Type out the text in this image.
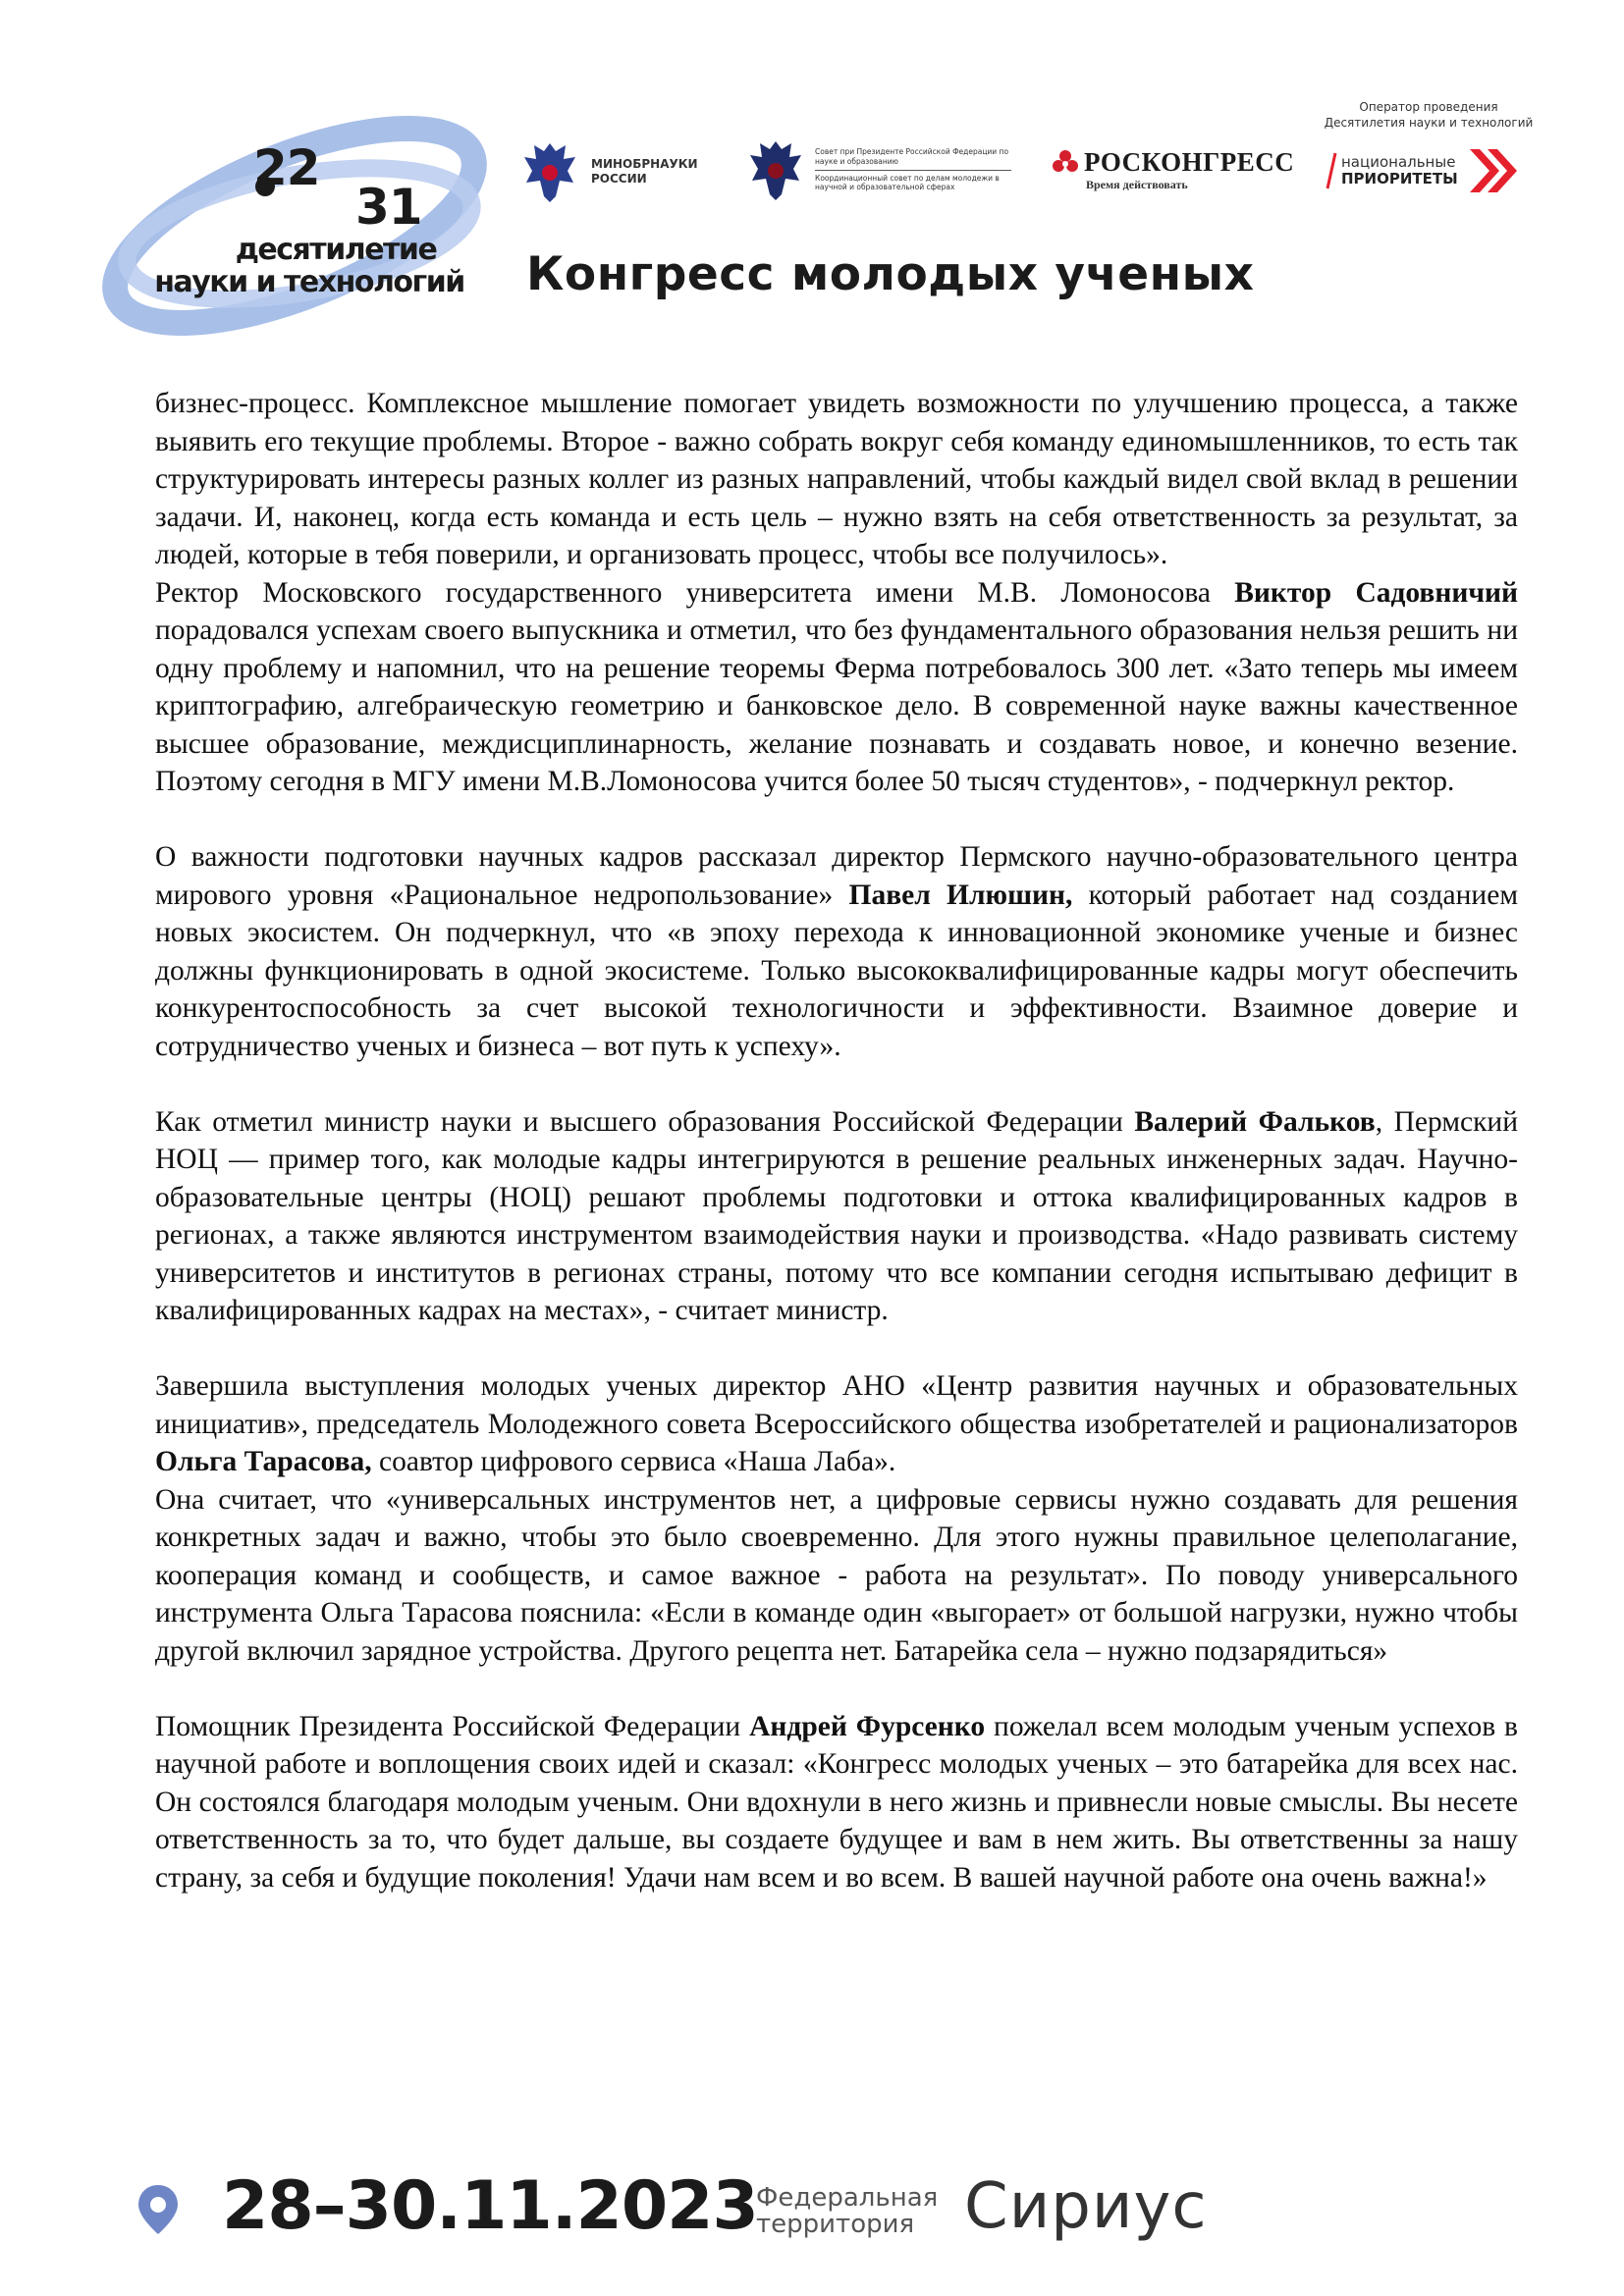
22
31
десятилетие
науки и технологий
МИНОБРНАУКИ
РОССИИ
Совет при Президенте Российской Федерации по науке и образованию
Координационный совет по делам молодежи в научной и образовательной сферах
РОСКОНГРЕСС
Время действовать
Оператор проведения
Десятилетия науки и технологий
национальные
ПРИОРИТЕТЫ
Конгресс молодых ученых

бизнес-процесс. Комплексное мышление помогает увидеть возможности по улучшению процесса, а также выявить его текущие проблемы. Второе - важно собрать вокруг себя команду единомышленников, то есть так структурировать интересы разных коллег из разных направлений, чтобы каждый видел свой вклад в решении задачи. И, наконец, когда есть команда и есть цель – нужно взять на себя ответственность за результат, за людей, которые в тебя поверили, и организовать процесс, чтобы все получилось».

Ректор Московского государственного университета имени М.В. Ломоносова Виктор Садовничий порадовался успехам своего выпускника и отметил, что без фундаментального образования нельзя решить ни одну проблему и напомнил, что на решение теоремы Ферма потребовалось 300 лет. «Зато теперь мы имеем криптографию, алгебраическую геометрию и банковское дело. В современной науке важны качественное высшее образование, междисциплинарность, желание познавать и создавать новое, и конечно везение. Поэтому сегодня в МГУ имени М.В.Ломоносова учится более 50 тысяч студентов», - подчеркнул ректор.

О важности подготовки научных кадров рассказал директор Пермского научно-образовательного центра мирового уровня «Рациональное недропользование» Павел Илюшин, который работает над созданием новых экосистем. Он подчеркнул, что «в эпоху перехода к инновационной экономике ученые и бизнес должны функционировать в одной экосистеме. Только высококвалифицированные кадры могут обеспечить конкурентоспособность за счет высокой технологичности и эффективности. Взаимное доверие и сотрудничество ученых и бизнеса – вот путь к успеху».

Как отметил министр науки и высшего образования Российской Федерации Валерий Фальков, Пермский НОЦ — пример того, как молодые кадры интегрируются в решение реальных инженерных задач. Научно-образовательные центры (НОЦ) решают проблемы подготовки и оттока квалифицированных кадров в регионах, а также являются инструментом взаимодействия науки и производства. «Надо развивать систему университетов и институтов в регионах страны, потому что все компании сегодня испытываю дефицит в квалифицированных кадрах на местах», - считает министр.

Завершила выступления молодых ученых директор АНО «Центр развития научных и образовательных инициатив», председатель Молодежного совета Всероссийского общества изобретателей и рационализаторов Ольга Тарасова, соавтор цифрового сервиса «Наша Лаба».

Она считает, что «универсальных инструментов нет, а цифровые сервисы нужно создавать для решения конкретных задач и важно, чтобы это было своевременно. Для этого нужны правильное целеполагание, кооперация команд и сообществ, и самое важное - работа на результат». По поводу универсального инструмента Ольга Тарасова пояснила: «Если в команде один «выгорает» от большой нагрузки, нужно чтобы другой включил зарядное устройства. Другого рецепта нет. Батарейка села – нужно подзарядиться»

Помощник Президента Российской Федерации Андрей Фурсенко пожелал всем молодым ученым успехов в научной работе и воплощения своих идей и сказал: «Конгресс молодых ученых – это батарейка для всех нас. Он состоялся благодаря молодым ученым. Они вдохнули в него жизнь и привнесли новые смыслы. Вы несете ответственность за то, что будет дальше, вы создаете будущее и вам в нем жить. Вы ответственны за нашу страну, за себя и будущие поколения! Удачи нам всем и во всем. В вашей научной работе она очень важна!»

28–30.11.2023
Федеральная
территория Сириус
